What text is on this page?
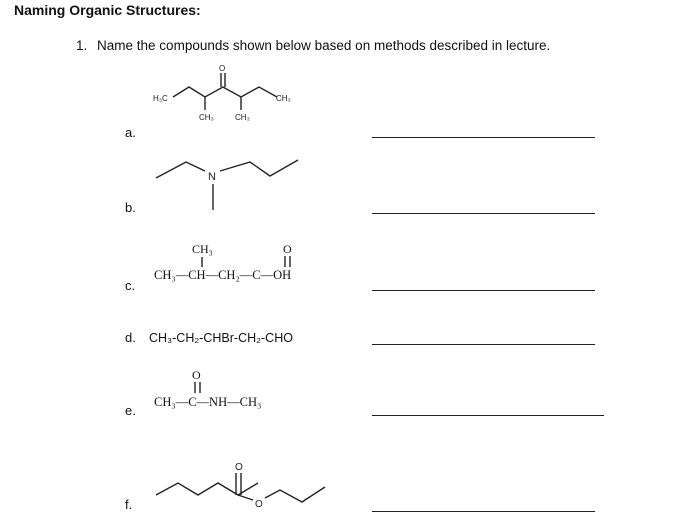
Naming Organic Structures:
1. Name the compounds shown below based on methods described in lecture.
a.
H₃C
O
CH₃
CH₃	CH₃
b.
N
c.
CH₃	O
CH₃—CH—CH₂—C—OH
d. CH₃-CH₂-CHBr-CH₂-CHO
e.
O
CH₃—C—NH—CH₃
f.
O
O
